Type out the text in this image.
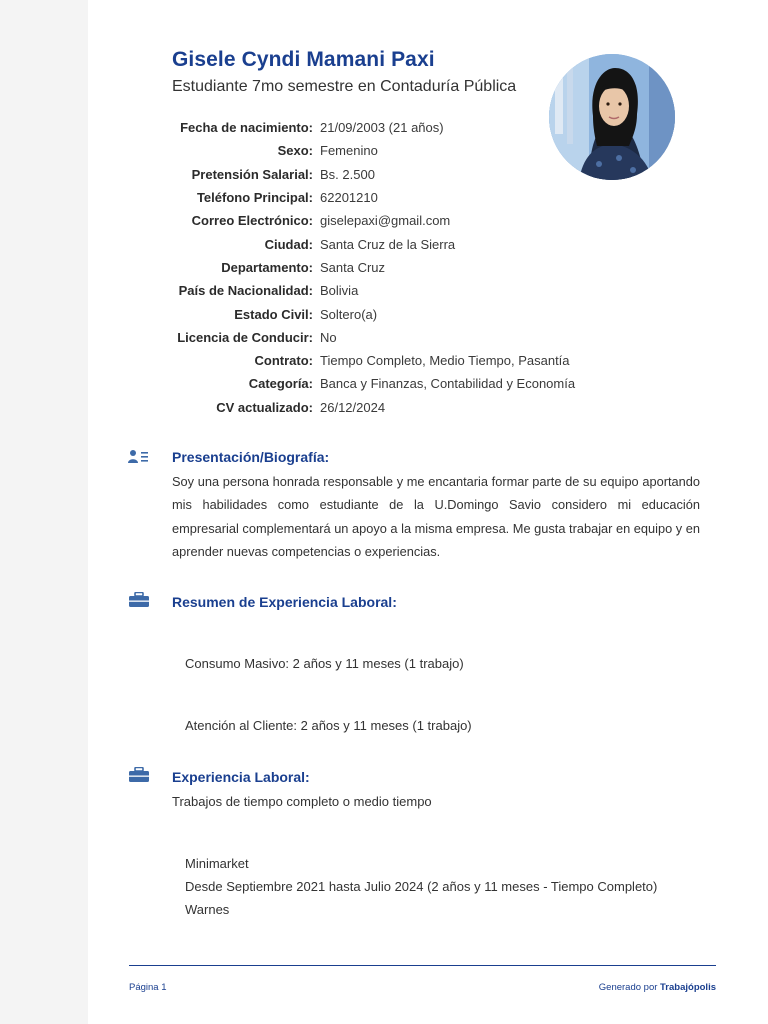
Gisele Cyndi Mamani Paxi
Estudiante 7mo semestre en Contaduría Pública
Fecha de nacimiento: 21/09/2003 (21 años)
Sexo: Femenino
Pretensión Salarial: Bs. 2.500
Teléfono Principal: 62201210
Correo Electrónico: giselepaxi@gmail.com
Ciudad: Santa Cruz de la Sierra
Departamento: Santa Cruz
País de Nacionalidad: Bolivia
Estado Civil: Soltero(a)
Licencia de Conducir: No
Contrato: Tiempo Completo, Medio Tiempo, Pasantía
Categoría: Banca y Finanzas, Contabilidad y Economía
CV actualizado: 26/12/2024
Presentación/Biografía:
Soy una persona honrada responsable y me encantaria formar parte de su equipo aportando mis habilidades como estudiante de la U.Domingo Savio considero mi educación empresarial complementará un apoyo a la misma empresa. Me gusta trabajar en equipo y en aprender nuevas competencias o experiencias.
Resumen de Experiencia Laboral:
Consumo Masivo: 2 años y 11 meses (1 trabajo)
Atención al Cliente: 2 años y 11 meses (1 trabajo)
Experiencia Laboral:
Trabajos de tiempo completo o medio tiempo
Minimarket
Desde Septiembre 2021 hasta Julio 2024 (2 años y 11 meses - Tiempo Completo)
Warnes
Página 1	Generado por Trabajópolis
